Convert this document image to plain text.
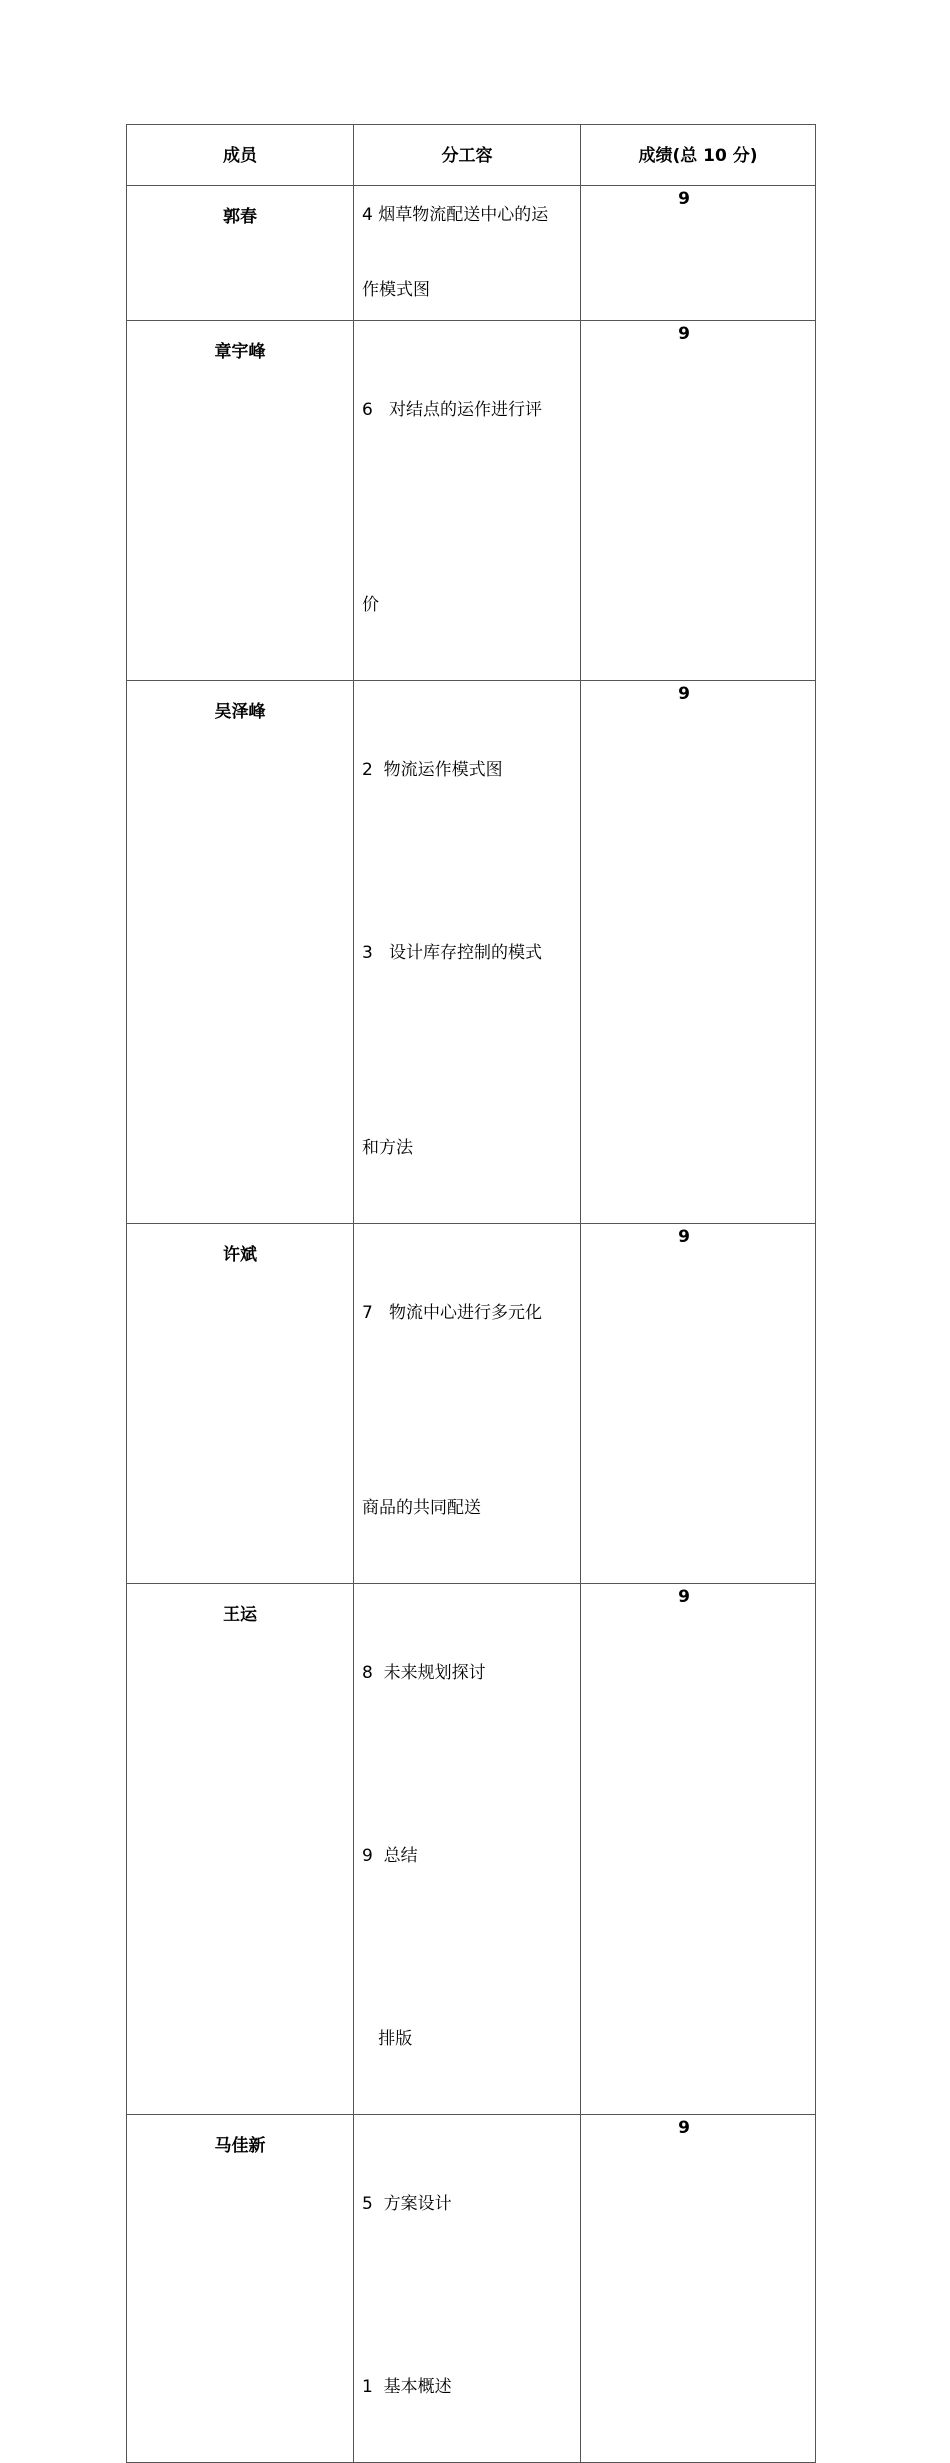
成员	分工容	成绩(总 10 分)
郭春	4 烟草物流配送中心的运
作模式图	9
章宇峰	6   对结点的运作进行评

价	9
吴泽峰	2  物流运作模式图

3   设计库存控制的模式

和方法	9
许斌	7   物流中心进行多元化

商品的共同配送	9
王运	8  未来规划探讨

9  总结

排版	9
马佳新	5  方案设计

1  基本概述	9
